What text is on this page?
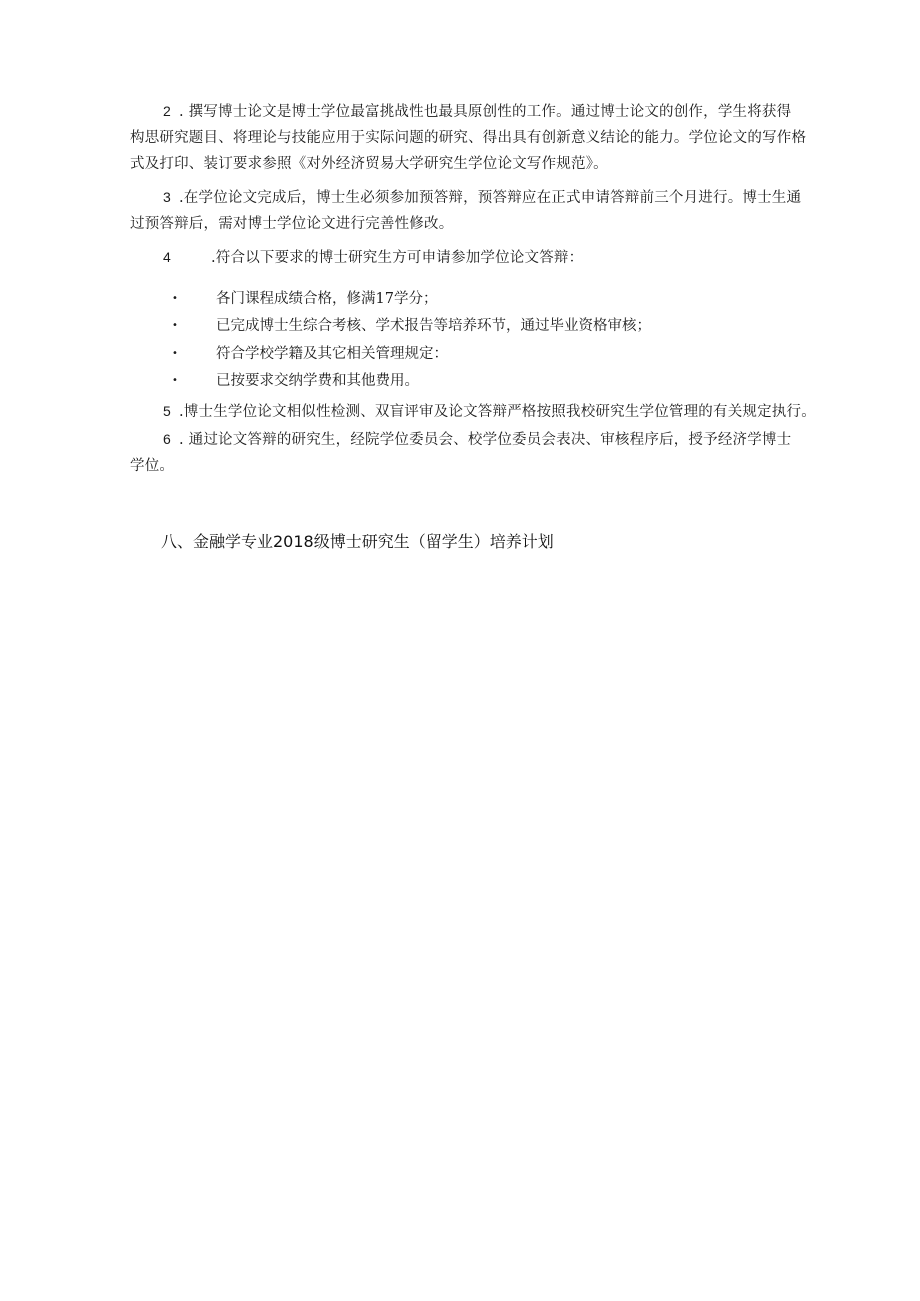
2 . 撰写博士论文是博士学位最富挑战性也最具原创性的工作。通过博士论文的创作，学生将获得
构思研究题目、将理论与技能应用于实际问题的研究、得出具有创新意义结论的能力。学位论文的写作格
式及打印、装订要求参照《对外经济贸易大学研究生学位论文写作规范》。
3 .在学位论文完成后，博士生必须参加预答辩，预答辩应在正式申请答辩前三个月进行。博士生通
过预答辩后，需对博士学位论文进行完善性修改。
4	.符合以下要求的博士研究生方可申请参加学位论文答辩：
•	各门课程成绩合格，修满17学分；
•	已完成博士生综合考核、学术报告等培养环节，通过毕业资格审核；
•	符合学校学籍及其它相关管理规定：
•	已按要求交纳学费和其他费用。
5 .博士生学位论文相似性检测、双盲评审及论文答辩严格按照我校研究生学位管理的有关规定执行。
6 . 通过论文答辩的研究生，经院学位委员会、校学位委员会表决、审核程序后，授予经济学博士
学位。
八、金融学专业2018级博士研究生（留学生）培养计划
